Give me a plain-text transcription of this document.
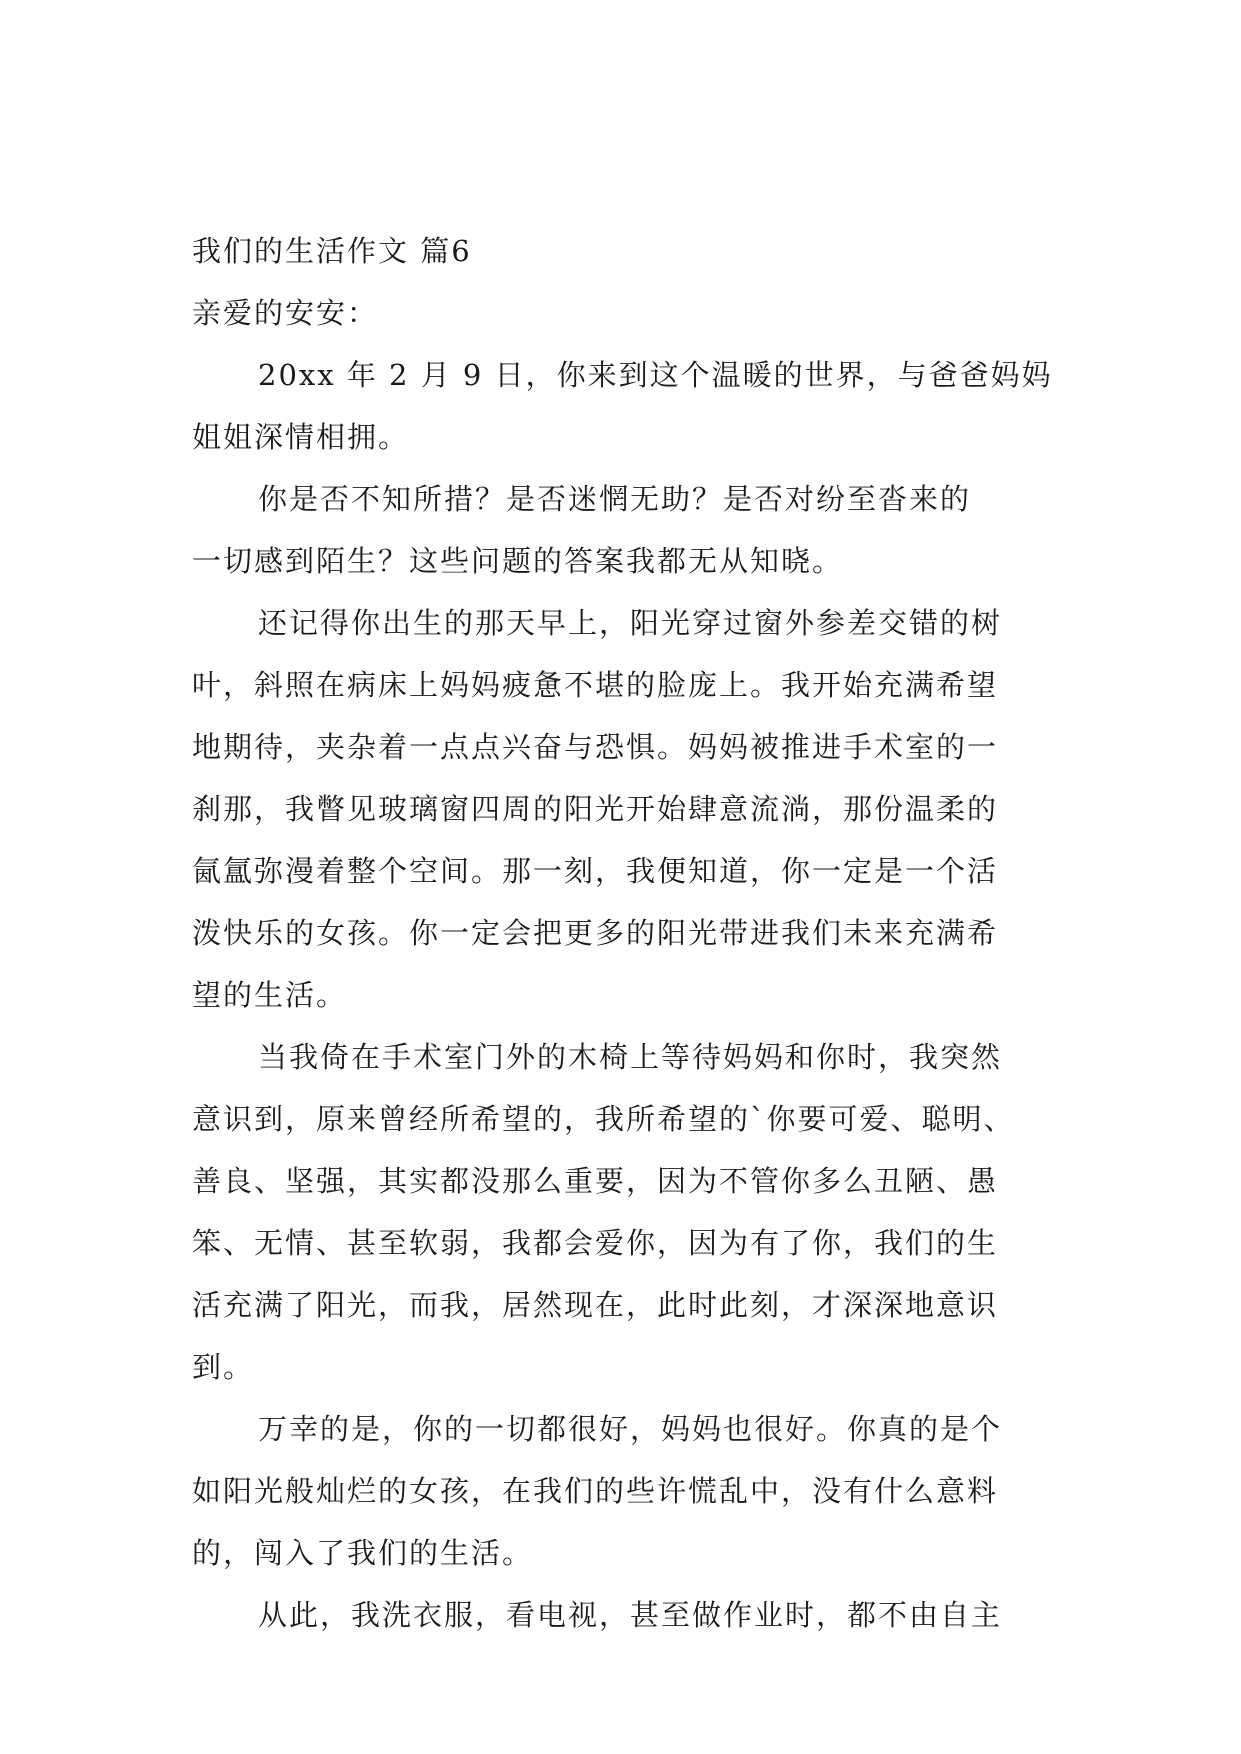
我们的生活作文 篇6
亲爱的安安：
20xx 年 2 月 9 日，你来到这个温暖的世界，与爸爸妈妈
姐姐深情相拥。
你是否不知所措？是否迷惘无助？是否对纷至沓来的
一切感到陌生？这些问题的答案我都无从知晓。
还记得你出生的那天早上，阳光穿过窗外参差交错的树
叶，斜照在病床上妈妈疲惫不堪的脸庞上。我开始充满希望
地期待，夹杂着一点点兴奋与恐惧。妈妈被推进手术室的一
刹那，我瞥见玻璃窗四周的阳光开始肆意流淌，那份温柔的
氤氲弥漫着整个空间。那一刻，我便知道，你一定是一个活
泼快乐的女孩。你一定会把更多的阳光带进我们未来充满希
望的生活。
当我倚在手术室门外的木椅上等待妈妈和你时，我突然
意识到，原来曾经所希望的，我所希望的`你要可爱、聪明、
善良、坚强，其实都没那么重要，因为不管你多么丑陋、愚
笨、无情、甚至软弱，我都会爱你，因为有了你，我们的生
活充满了阳光，而我，居然现在，此时此刻，才深深地意识
到。
万幸的是，你的一切都很好，妈妈也很好。你真的是个
如阳光般灿烂的女孩，在我们的些许慌乱中，没有什么意料
的，闯入了我们的生活。
从此，我洗衣服，看电视，甚至做作业时，都不由自主
